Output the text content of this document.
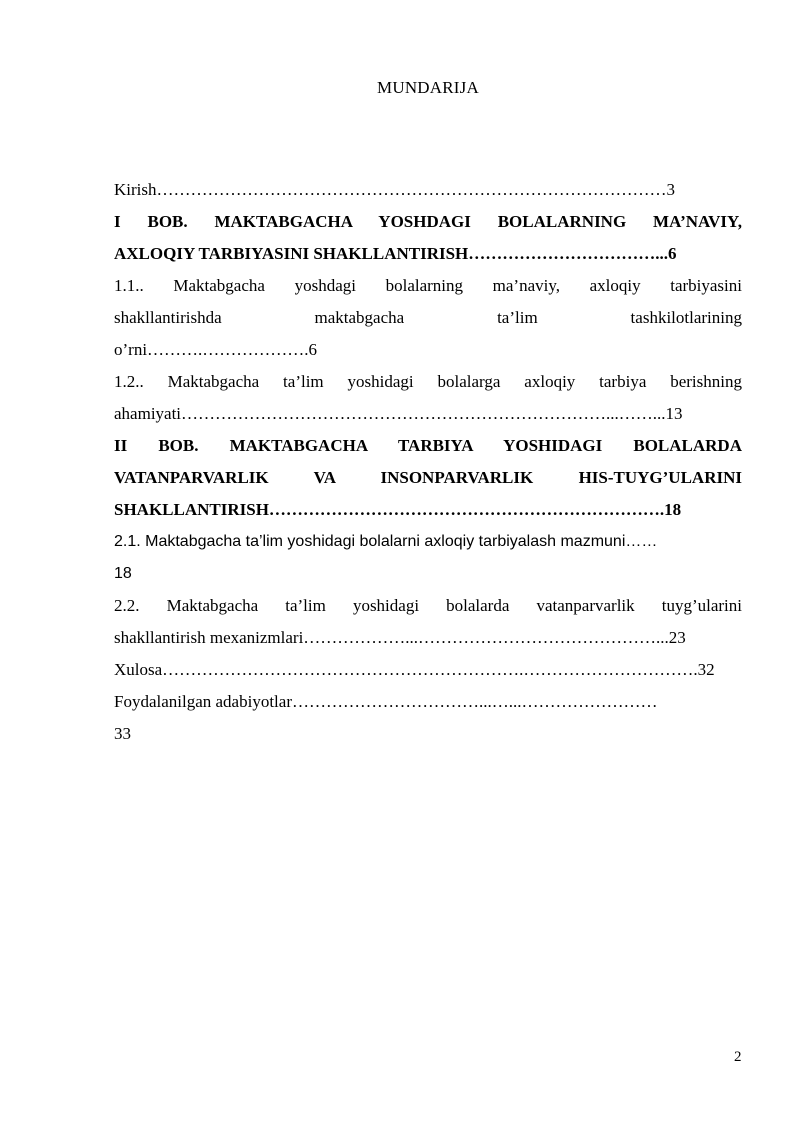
MUNDARIJA
Kirish………………………………………………………………………………3
I BOB. MAKTABGACHA YOSHDAGI BOLALARNING MA’NAVIY,
AXLOQIY TARBIYASINI SHAKLLANTIRISH……………………………...6
1.1.. Maktabgacha yoshdagi bolalarning ma’naviy, axloqiy tarbiyasini
shakllantirishda maktabgacha ta’lim tashkilotlarining
o’rni……….……………….6
1.2.. Maktabgacha ta’lim yoshidagi bolalarga axloqiy tarbiya berishning
ahamiyati…………………………………………………………………...……...13
II BOB. MAKTABGACHA TARBIYA YOSHIDAGI BOLALARDA
VATANPARVARLIK VA INSONPARVARLIK HIS-TUYG’ULARINI
SHAKLLANTIRISH…………………………………………………………….18
2.1. Maktabgacha ta’lim yoshidagi bolalarni axloqiy tarbiyalash mazmuni……
18
2.2. Maktabgacha ta’lim yoshidagi bolalarda vatanparvarlik tuyg’ularini
shakllantirish mexanizmlari………………...……………………………………...23
Xulosa……………………………………………………….………………………….32
Foydalanilgan adabiyotlar……………………………...…...……………………
33
2
